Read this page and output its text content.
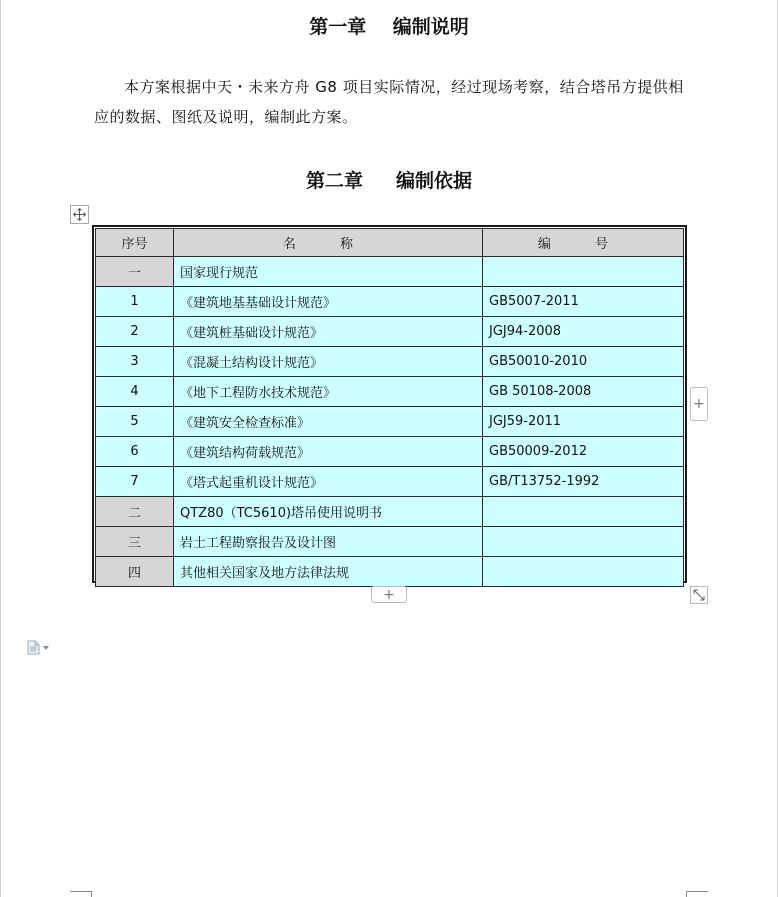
第一章    编制说明
本方案根据中天・未来方舟 G8 项目实际情况，经过现场考察，结合塔吊方提供相
应的数据、图纸及说明，编制此方案。
第二章     编制依据
序号	名 称	编 号
一	国家现行规范	
1	《建筑地基基础设计规范》	GB5007-2011
2	《建筑桩基础设计规范》	JGJ94-2008
3	《混凝土结构设计规范》	GB50010-2010
4	《地下工程防水技术规范》	GB 50108-2008
5	《建筑安全检查标准》	JGJ59-2011
6	《建筑结构荷载规范》	GB50009-2012
7	《塔式起重机设计规范》	GB/T13752-1992
二	QTZ80（TC5610)塔吊使用说明书	
三	岩土工程勘察报告及设计图	
四	其他相关国家及地方法律法规	
+
+
